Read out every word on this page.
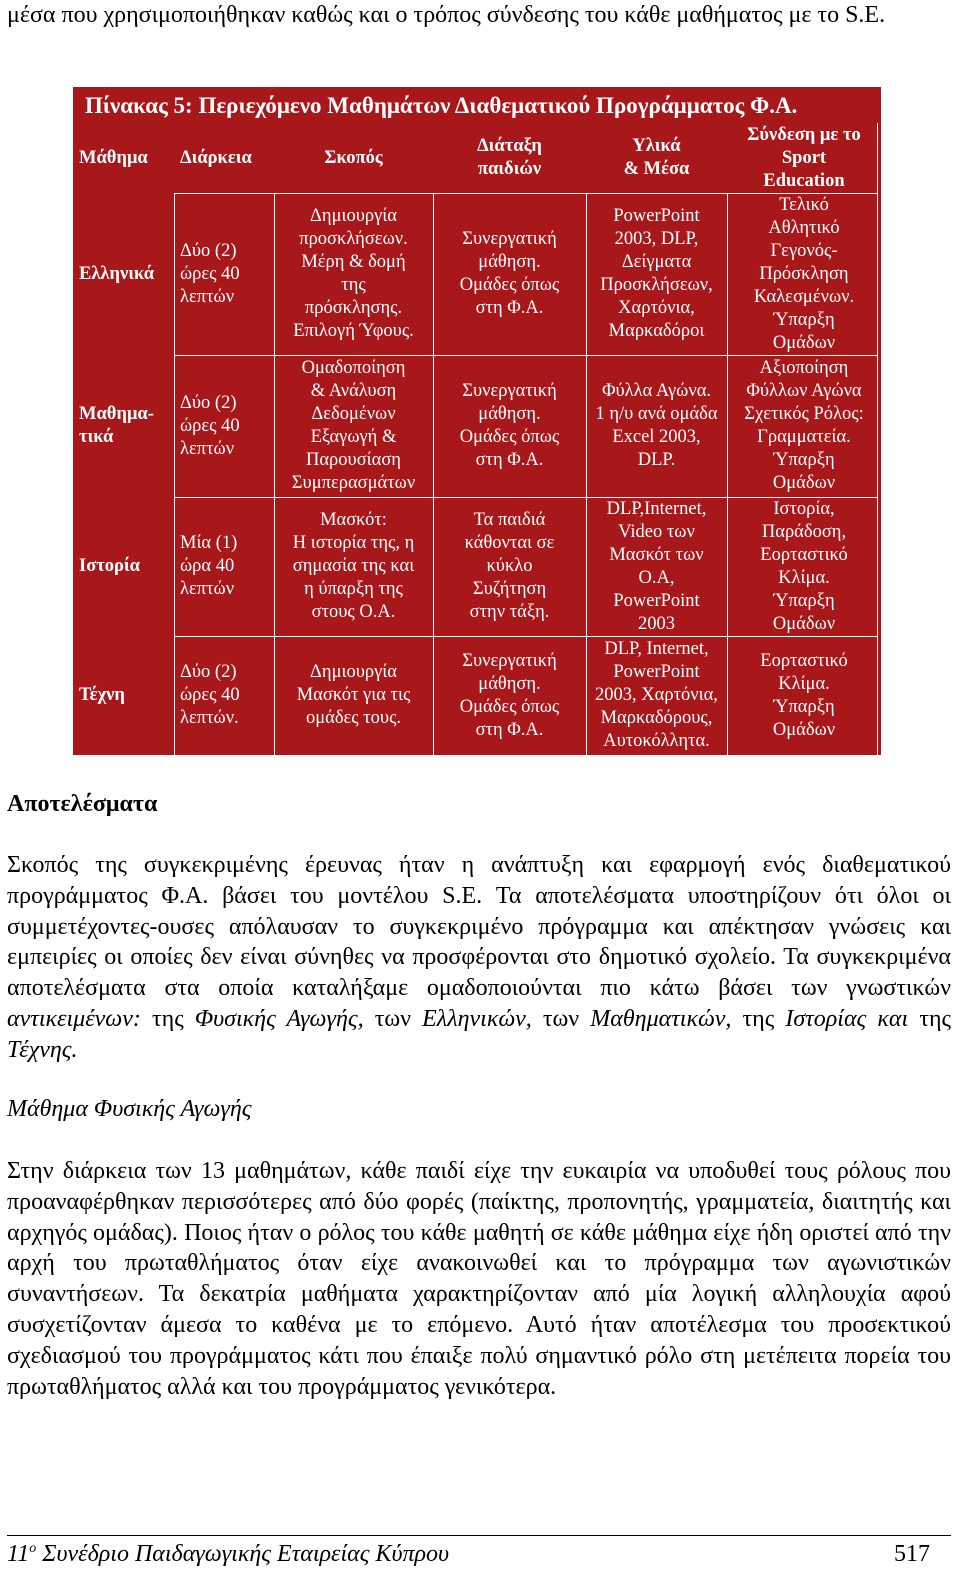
μέσα που χρησιμοποιήθηκαν καθώς και ο τρόπος σύνδεσης του κάθε μαθήματος με το S.E.
Πίνακας 5: Περιεχόμενο Μαθημάτων Διαθεματικού Προγράμματος Φ.Α.
Μάθημα Διάρκεια	Σκοπός
Διάταξη
παιδιών
Υλικά
& Μέσα
Σύνδεση με το
Sport
Education
Ελληνικά
Δύο (2)
ώρες 40
λεπτών
Δημιουργία
προσκλήσεων.
Μέρη & δομή
της
πρόσκλησης.
Επιλογή Ύφους.
Συνεργατική
μάθηση.
Ομάδες όπως
στη Φ.Α.
PowerPoint
2003, DLP,
Δείγματα
Προσκλήσεων,
Χαρτόνια,
Μαρκαδόροι
Τελικό
Αθλητικό
Γεγονός-
Πρόσκληση
Καλεσμένων.
Ύπαρξη
Ομάδων
Μαθημα-
τικά
Δύο (2)
ώρες 40
λεπτών
Ομαδοποίηση
& Ανάλυση
Δεδομένων
Εξαγωγή &
Παρουσίαση
Συμπερασμάτων
Συνεργατική
μάθηση.
Ομάδες όπως
στη Φ.Α.
Φύλλα Αγώνα.
1 η/υ ανά ομάδα
Excel 2003,
DLP.
Αξιοποίηση
Φύλλων Αγώνα
Σχετικός Ρόλος:
Γραμματεία.
Ύπαρξη
Ομάδων
Ιστορία
Μία (1)
ώρα 40
λεπτών
Μασκότ:
Η ιστορία της, η
σημασία της και
η ύπαρξη της
στους Ο.Α.
Τα παιδιά
κάθονται σε
κύκλο
Συζήτηση
στην τάξη.
DLP,Internet,
Video των
Μασκότ των
Ο.Α,
PowerPoint
2003
Ιστορία,
Παράδοση,
Εορταστικό
Κλίμα.
Ύπαρξη
Ομάδων
Τέχνη
Δύο (2)
ώρες 40
λεπτών.
Δημιουργία
Μασκότ για τις
ομάδες τους.
Συνεργατική
μάθηση.
Ομάδες όπως
στη Φ.Α.
DLP, Internet,
PowerPoint
2003, Χαρτόνια,
Μαρκαδόρους,
Αυτοκόλλητα.
Εορταστικό
Κλίμα.
Ύπαρξη
Ομάδων
Αποτελέσματα
Σκοπός της συγκεκριμένης έρευνας ήταν η ανάπτυξη και εφαρμογή ενός διαθεματικού προγράμματος Φ.Α. βάσει του μοντέλου S.E. Τα αποτελέσματα υποστηρίζουν ότι όλοι οι συμμετέχοντες-ουσες απόλαυσαν το συγκεκριμένο πρόγραμμα και απέκτησαν γνώσεις και εμπειρίες οι οποίες δεν είναι σύνηθες να προσφέρονται στο δημοτικό σχολείο. Τα συγκεκριμένα αποτελέσματα στα οποία καταλήξαμε ομαδοποιούνται πιο κάτω βάσει των γνωστικών αντικειμένων: της Φυσικής Αγωγής, των Ελληνικών, των Μαθηματικών, της Ιστορίας και της Τέχνης.
Μάθημα Φυσικής Αγωγής
Στην διάρκεια των 13 μαθημάτων, κάθε παιδί είχε την ευκαιρία να υποδυθεί τους ρόλους που προαναφέρθηκαν περισσότερες από δύο φορές (παίκτης, προπονητής, γραμματεία, διαιτητής και αρχηγός ομάδας). Ποιος ήταν ο ρόλος του κάθε μαθητή σε κάθε μάθημα είχε ήδη οριστεί από την αρχή του πρωταθλήματος όταν είχε ανακοινωθεί και το πρόγραμμα των αγωνιστικών συναντήσεων. Τα δεκατρία μαθήματα χαρακτηρίζονταν από μία λογική αλληλουχία αφού συσχετίζονταν άμεσα το καθένα με το επόμενο. Αυτό ήταν αποτέλεσμα του προσεκτικού σχεδιασμού του προγράμματος κάτι που έπαιξε πολύ σημαντικό ρόλο στη μετέπειτα πορεία του πρωταθλήματος αλλά και του προγράμματος γενικότερα.
$11^o$ Συνέδριο Παιδαγωγικής Εταιρείας Κύπρου	517
